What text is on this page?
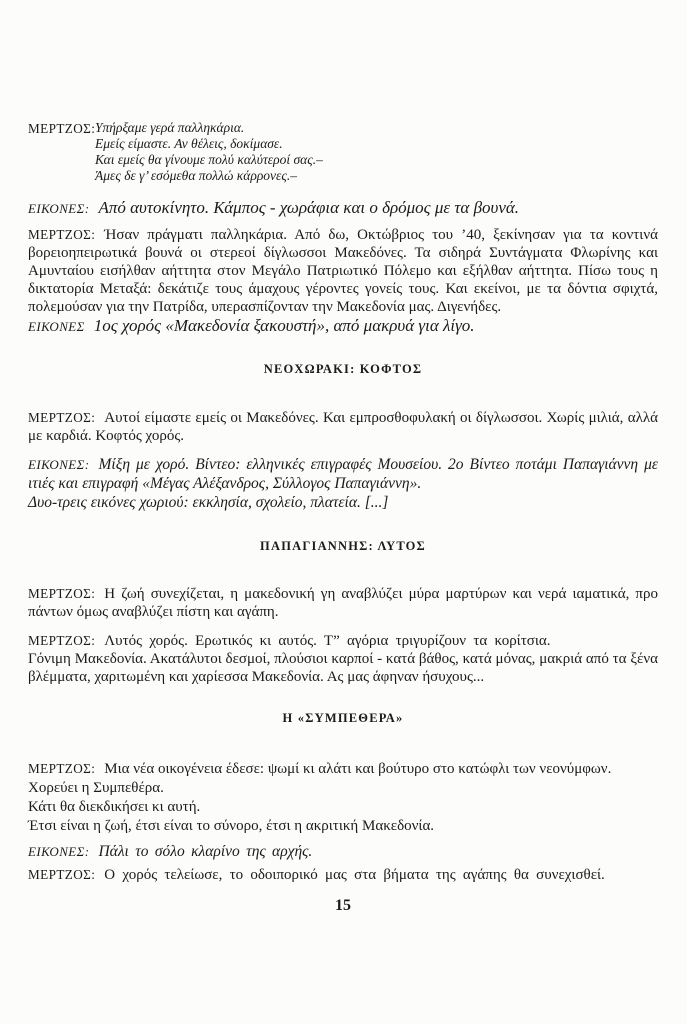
ΜΕΡΤΖΟΣ: Υπήρξαμε γερά παλληκάρια.
Εμείς είμαστε. Αν θέλεις, δοκίμασε.
Και εμείς θα γίνουμε πολύ καλύτεροί σας.–
Άμες δε γ’ εσόμεθα πολλώ κάρρονες.–

ΕΙΚΟΝΕΣ: Από αυτοκίνητο. Κάμπος - χωράφια και ο δρόμος με τα βουνά.

ΜΕΡΤΖΟΣ: Ήσαν πράγματι παλληκάρια. Από δω, Οκτώβριος του ’40, ξεκίνησαν για τα κοντινά βορειοηπειρωτικά βουνά οι στερεοί δίγλωσσοι Μακεδόνες. Τα σιδηρά Συντάγματα Φλωρίνης και Αμυνταίου εισήλθαν αήττητα στον Μεγάλο Πατριωτικό Πόλεμο και εξήλθαν αήττητα. Πίσω τους η δικτατορία Μεταξά: δεκάτιζε τους άμαχους γέροντες γονείς τους. Και εκείνοι, με τα δόντια σφιχτά, πολεμούσαν για την Πατρίδα, υπερασπίζονταν την Μακεδονία μας. Διγενήδες.

ΕΙΚΟΝΕΣ 1ος χορός «Μακεδονία ξακουστή», από μακρυά για λίγο.

ΝΕΟΧΩΡΑΚΙ: ΚΟΦΤΟΣ

ΜΕΡΤΖΟΣ: Αυτοί είμαστε εμείς οι Μακεδόνες. Και εμπροσθοφυλακή οι δίγλωσσοι. Χωρίς μιλιά, αλλά με καρδιά. Κοφτός χορός.

ΕΙΚΟΝΕΣ: Μίξη με χορό. Βίντεο: ελληνικές επιγραφές Μουσείου. 2ο Βίντεο ποτάμι Παπαγιάννη με ιτιές και επιγραφή «Μέγας Αλέξανδρος, Σύλλογος Παπαγιάννη».
Δυο-τρεις εικόνες χωριού: εκκλησία, σχολείο, πλατεία. [...]
ΠΑΠΑΓΙΑΝΝΗΣ: ΛΥΤΟΣ

ΜΕΡΤΖΟΣ: Η ζωή συνεχίζεται, η μακεδονική γη αναβλύζει μύρα μαρτύρων και νερά ιαματικά, προ πάντων όμως αναβλύζει πίστη και αγάπη.

ΜΕΡΤΖΟΣ: Λυτός χορός. Ερωτικός κι αυτός. Τ” αγόρια τριγυρίζουν τα κορίτσια.
Γόνιμη Μακεδονία. Ακατάλυτοι δεσμοί, πλούσιοι καρποί - κατά βάθος, κατά μόνας, μακριά από τα ξένα βλέμματα, χαριτωμένη και χαρίεσσα Μακεδονία. Ας μας άφηναν ήσυχους...
Η «ΣΥΜΠΕΘΕΡΑ»
ΜΕΡΤΖΟΣ: Μια νέα οικογένεια έδεσε: ψωμί κι αλάτι και βούτυρο στο κατώφλι των νεονύμφων.
Χορεύει η Συμπεθέρα.
Κάτι θα διεκδικήσει κι αυτή.
Έτσι είναι η ζωή, έτσι είναι το σύνορο, έτσι η ακριτική Μακεδονία.

ΕΙΚΟΝΕΣ: Πάλι το σόλο κλαρίνο της αρχής.

ΜΕΡΤΖΟΣ: Ο χορός τελείωσε, το οδοιπορικό μας στα βήματα της αγάπης θα συνεχισθεί.

15
